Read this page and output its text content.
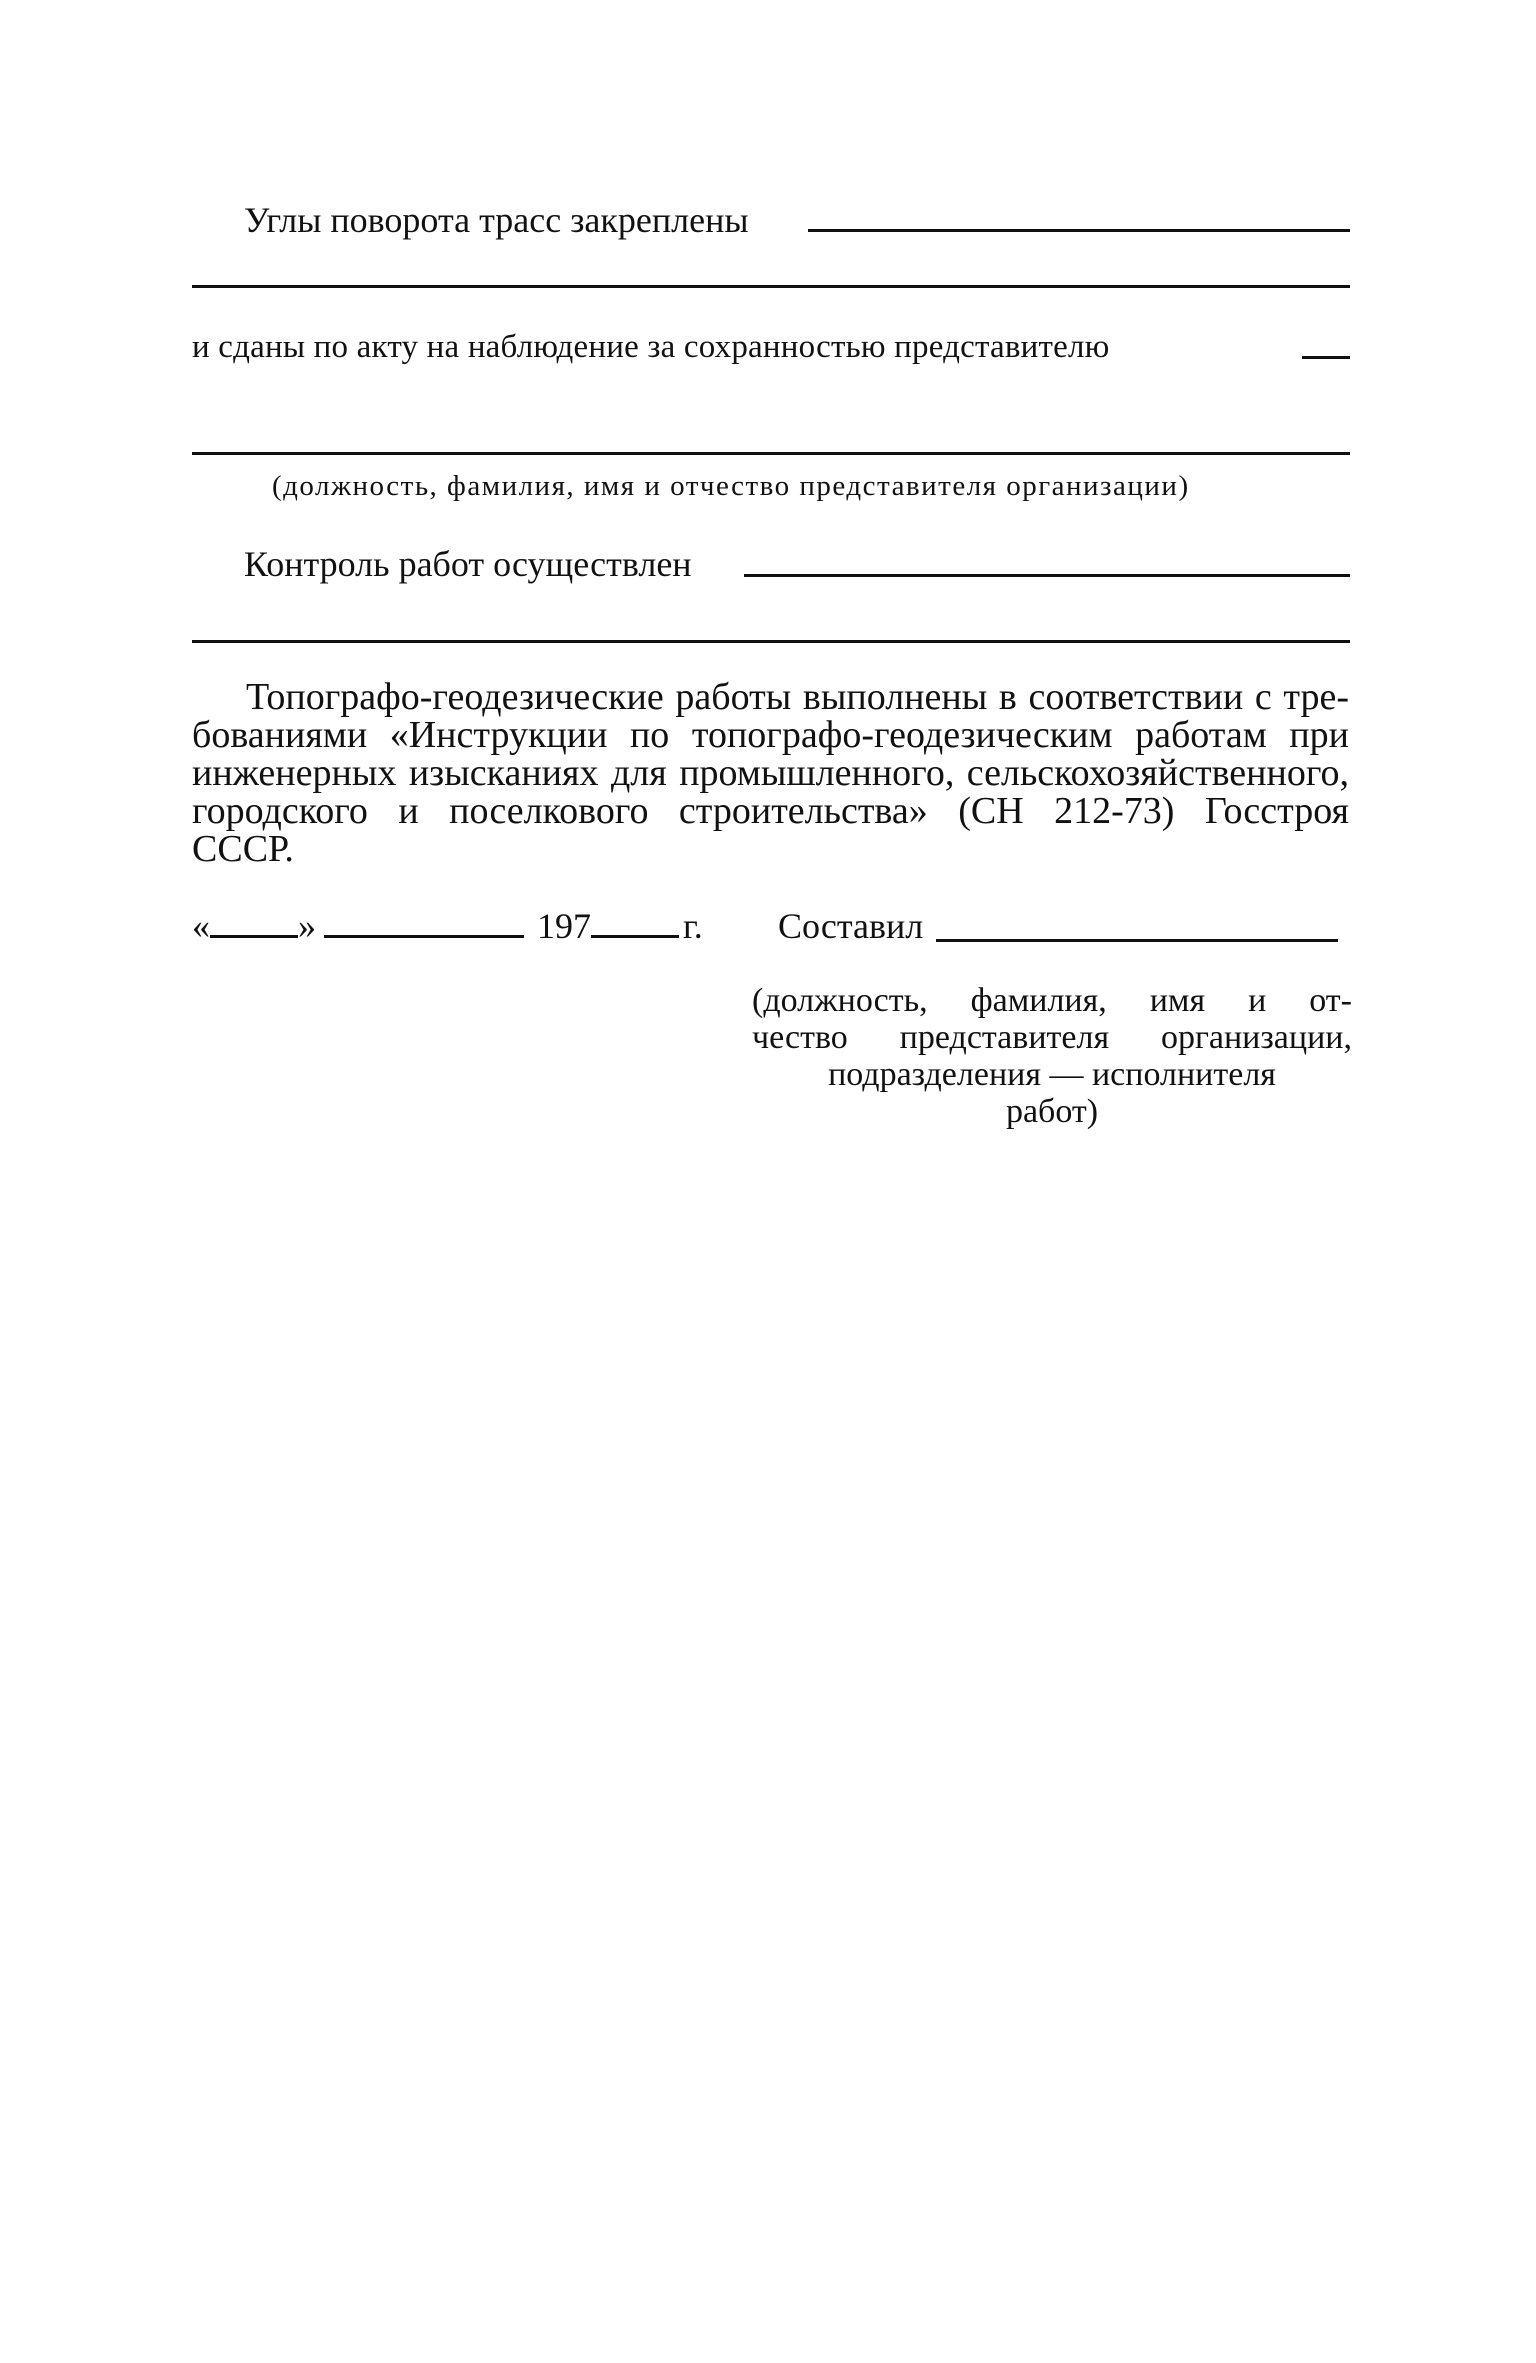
Углы поворота трасс закреплены
и сданы по акту на наблюдение за сохранностью представителю
(должность, фамилия, имя и отчество представителя организации)
Контроль работ осуществлен
Топографо-геодезические работы выполнены в соответствии с тре-
бованиями «Инструкции по топографо-геодезическим работам при
инженерных изысканиях для промышленного, сельскохозяйственного,
городского и поселкового строительства» (СН 212-73) Госстроя
СССР.
« »	197	г. Составил
(должность, фамилия, имя и от-
чество представителя организации,
подразделения — исполнителя
работ)
